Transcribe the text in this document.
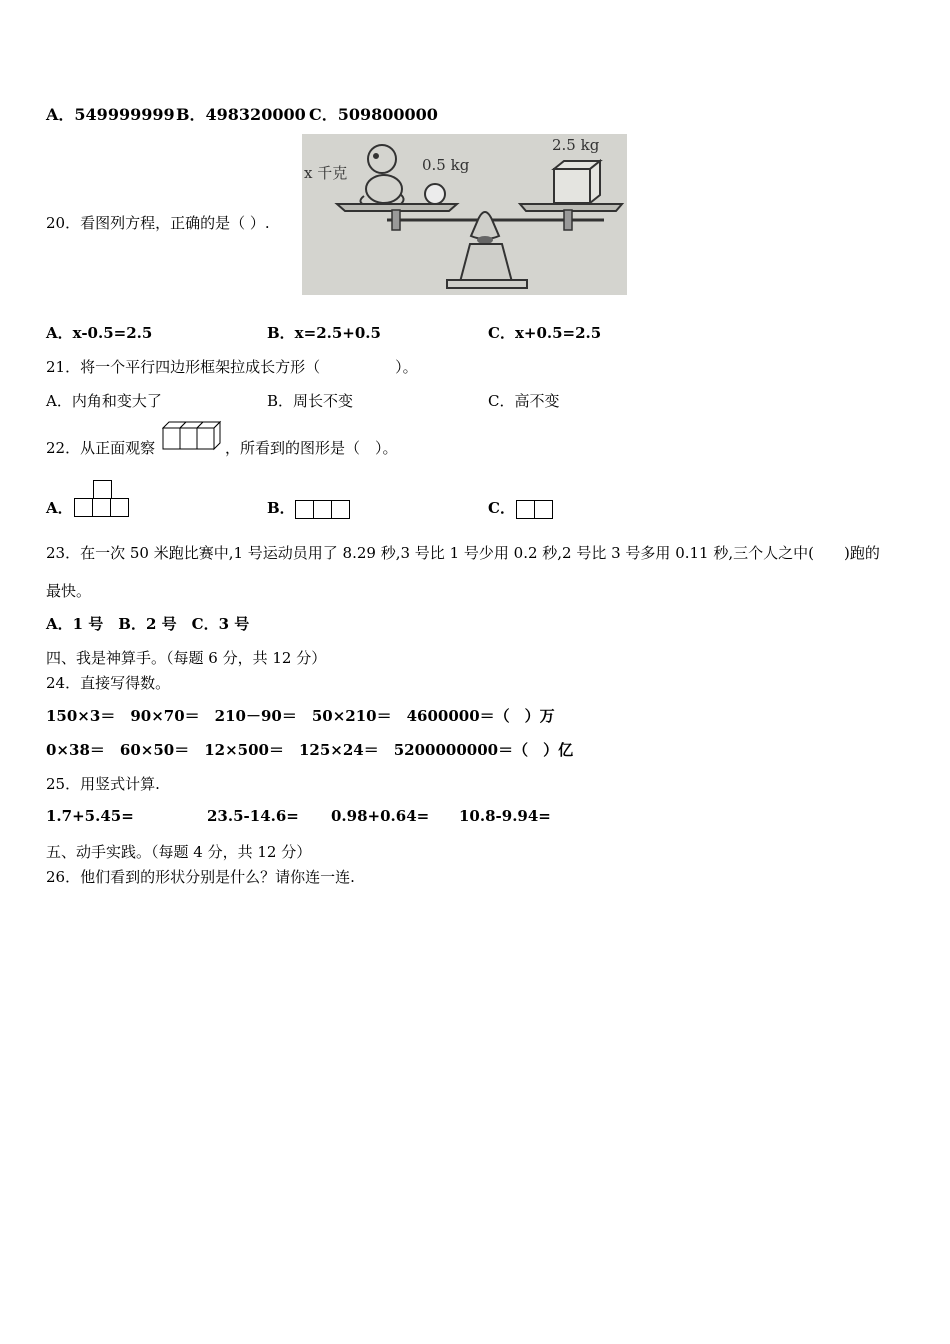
A．549999999 B．498320000 C．509800000
20．看图列方程，正确的是（ ）.
x 千克	0.5 kg
2.5 kg
A．x-0.5=2.5	B．x=2.5+0.5	C．x+0.5=2.5
21．将一个平行四边形框架拉成长方形（　　　　　）。
A．内角和变大了	B．周长不变	C．高不变
22．从正面观察	，所看到的图形是（　）。
A．	B．	C．
23．在一次 50 米跑比赛中,1 号运动员用了 8.29 秒,3 号比 1 号少用 0.2 秒,2 号比 3 号多用 0.11 秒,三个人之中(　　)跑的
最快。
A．1 号　B．2 号　C．3 号
四、我是神算手。（每题 6 分，共 12 分）
24．直接写得数。
150×3＝　90×70＝　210－90＝　50×210＝　4600000＝（　）万
0×38＝　60×50＝　12×500＝　125×24＝　5200000000＝（　）亿
25．用竖式计算.
1.7+5.45=	23.5-14.6= 0.98+0.64= 10.8-9.94=
五、动手实践。（每题 4 分，共 12 分）
26．他们看到的形状分别是什么？请你连一连.
